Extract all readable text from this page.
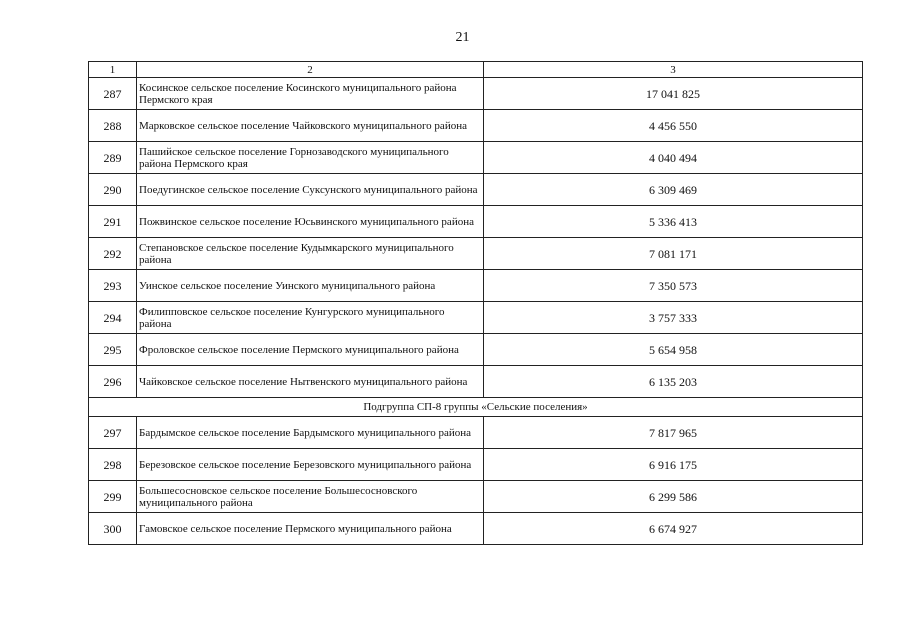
21
1	2	3
287	Косинское сельское поселение Косинского муниципального района Пермского края	17 041 825
288	Марковское сельское поселение Чайковского муниципального района	4 456 550
289	Пашийское сельское поселение Горнозаводского муниципального района Пермского края	4 040 494
290	Поедугинское сельское поселение Суксунского муниципального района	6 309 469
291	Пожвинское сельское поселение Юсьвинского муниципального района	5 336 413
292	Степановское сельское поселение Кудымкарского муниципального района	7 081 171
293	Уинское сельское поселение Уинского муниципального района	7 350 573
294	Филипповское сельское поселение Кунгурского муниципального района	3 757 333
295	Фроловское сельское поселение Пермского муниципального района	5 654 958
296	Чайковское сельское поселение Нытвенского муниципального района	6 135 203
Подгруппа СП-8 группы «Сельские поселения»		
297	Бардымское сельское поселение Бардымского муниципального района	7 817 965
298	Березовское сельское поселение Березовского муниципального района	6 916 175
299	Большесосновское сельское поселение Большесосновского муниципального района	6 299 586
300	Гамовское сельское поселение Пермского муниципального района	6 674 927
